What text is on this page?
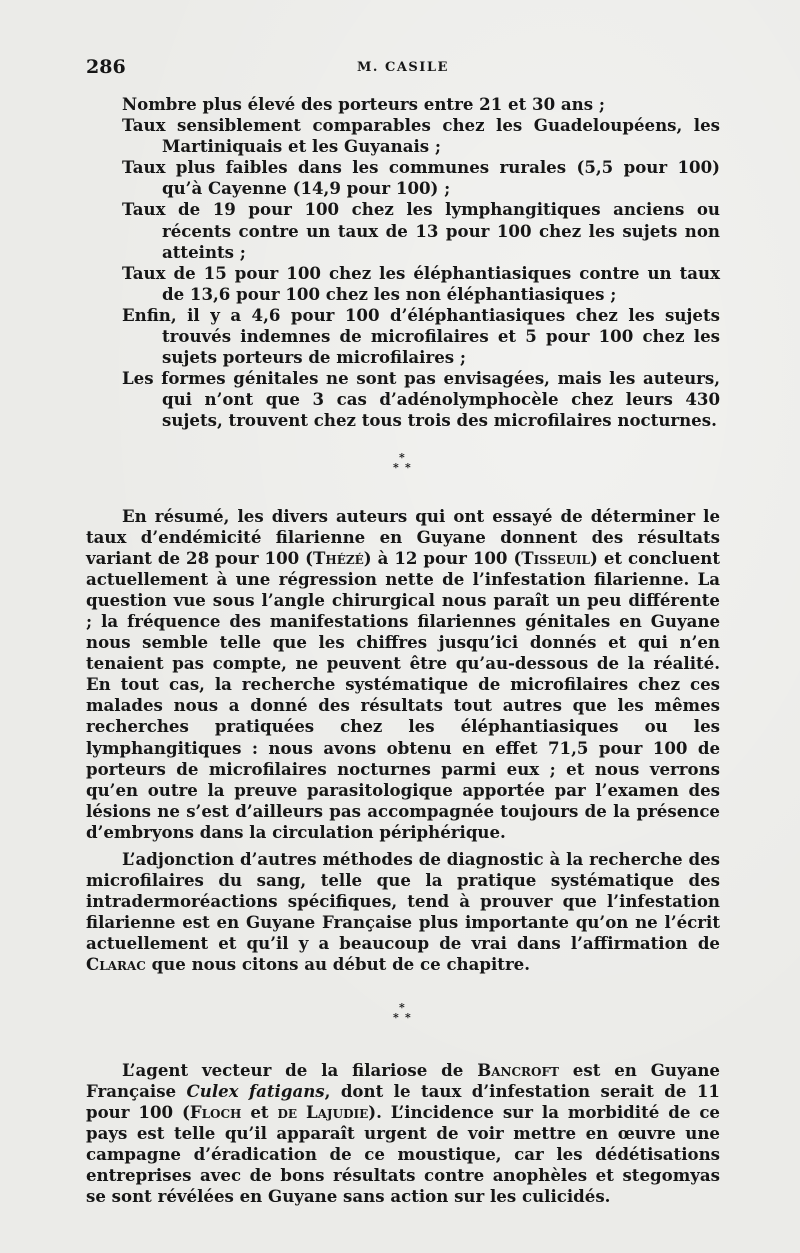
286	M. CASILE

Nombre plus élevé des porteurs entre 21 et 30 ans ;

Taux sensiblement comparables chez les Guadeloupéens, les Martiniquais et les Guyanais ;

Taux plus faibles dans les communes rurales (5,5 pour 100) qu’à Cayenne (14,9 pour 100) ;

Taux de 19 pour 100 chez les lymphangitiques anciens ou récents contre un taux de 13 pour 100 chez les sujets non atteints ;

Taux de 15 pour 100 chez les éléphantiasiques contre un taux de 13,6 pour 100 chez les non éléphantiasiques ;

Enfin, il y a 4,6 pour 100 d’éléphantiasiques chez les sujets trouvés indemnes de microfilaires et 5 pour 100 chez les sujets porteurs de microfilaires ;

Les formes génitales ne sont pas envisagées, mais les auteurs, qui n’ont que 3 cas d’adénolymphocèle chez leurs 430 sujets, trouvent chez tous trois des microfilaires nocturnes.

*
* *

En résumé, les divers auteurs qui ont essayé de déterminer le taux d’endémicité filarienne en Guyane donnent des résultats variant de 28 pour 100 (Thézé) à 12 pour 100 (Tisseuil) et concluent actuellement à une régression nette de l’infestation filarienne. La question vue sous l’angle chirurgical nous paraît un peu différente ; la fréquence des manifestations filariennes génitales en Guyane nous semble telle que les chiffres jusqu’ici donnés et qui n’en tenaient pas compte, ne peuvent être qu’au-dessous de la réalité. En tout cas, la recherche systématique de microfilaires chez ces malades nous a donné des résultats tout autres que les mêmes recherches pratiquées chez les éléphantiasiques ou les lymphangitiques : nous avons obtenu en effet 71,5 pour 100 de porteurs de microfilaires nocturnes parmi eux ; et nous verrons qu’en outre la preuve parasitologique apportée par l’examen des lésions ne s’est d’ailleurs pas accompagnée toujours de la présence d’embryons dans la circulation périphérique.

L’adjonction d’autres méthodes de diagnostic à la recherche des microfilaires du sang, telle que la pratique systématique des intradermoréactions spécifiques, tend à prouver que l’infestation filarienne est en Guyane Française plus importante qu’on ne l’écrit actuellement et qu’il y a beaucoup de vrai dans l’affirmation de Clarac que nous citons au début de ce chapitre.

*
* *

L’agent vecteur de la filariose de Bancroft est en Guyane Française Culex fatigans, dont le taux d’infestation serait de 11 pour 100 (Floch et de Lajudie). L’incidence sur la morbidité de ce pays est telle qu’il apparaît urgent de voir mettre en œuvre une campagne d’éradication de ce moustique, car les dédétisations entreprises avec de bons résultats contre anophèles et stegomyas se sont révélées en Guyane sans action sur les culicidés.
